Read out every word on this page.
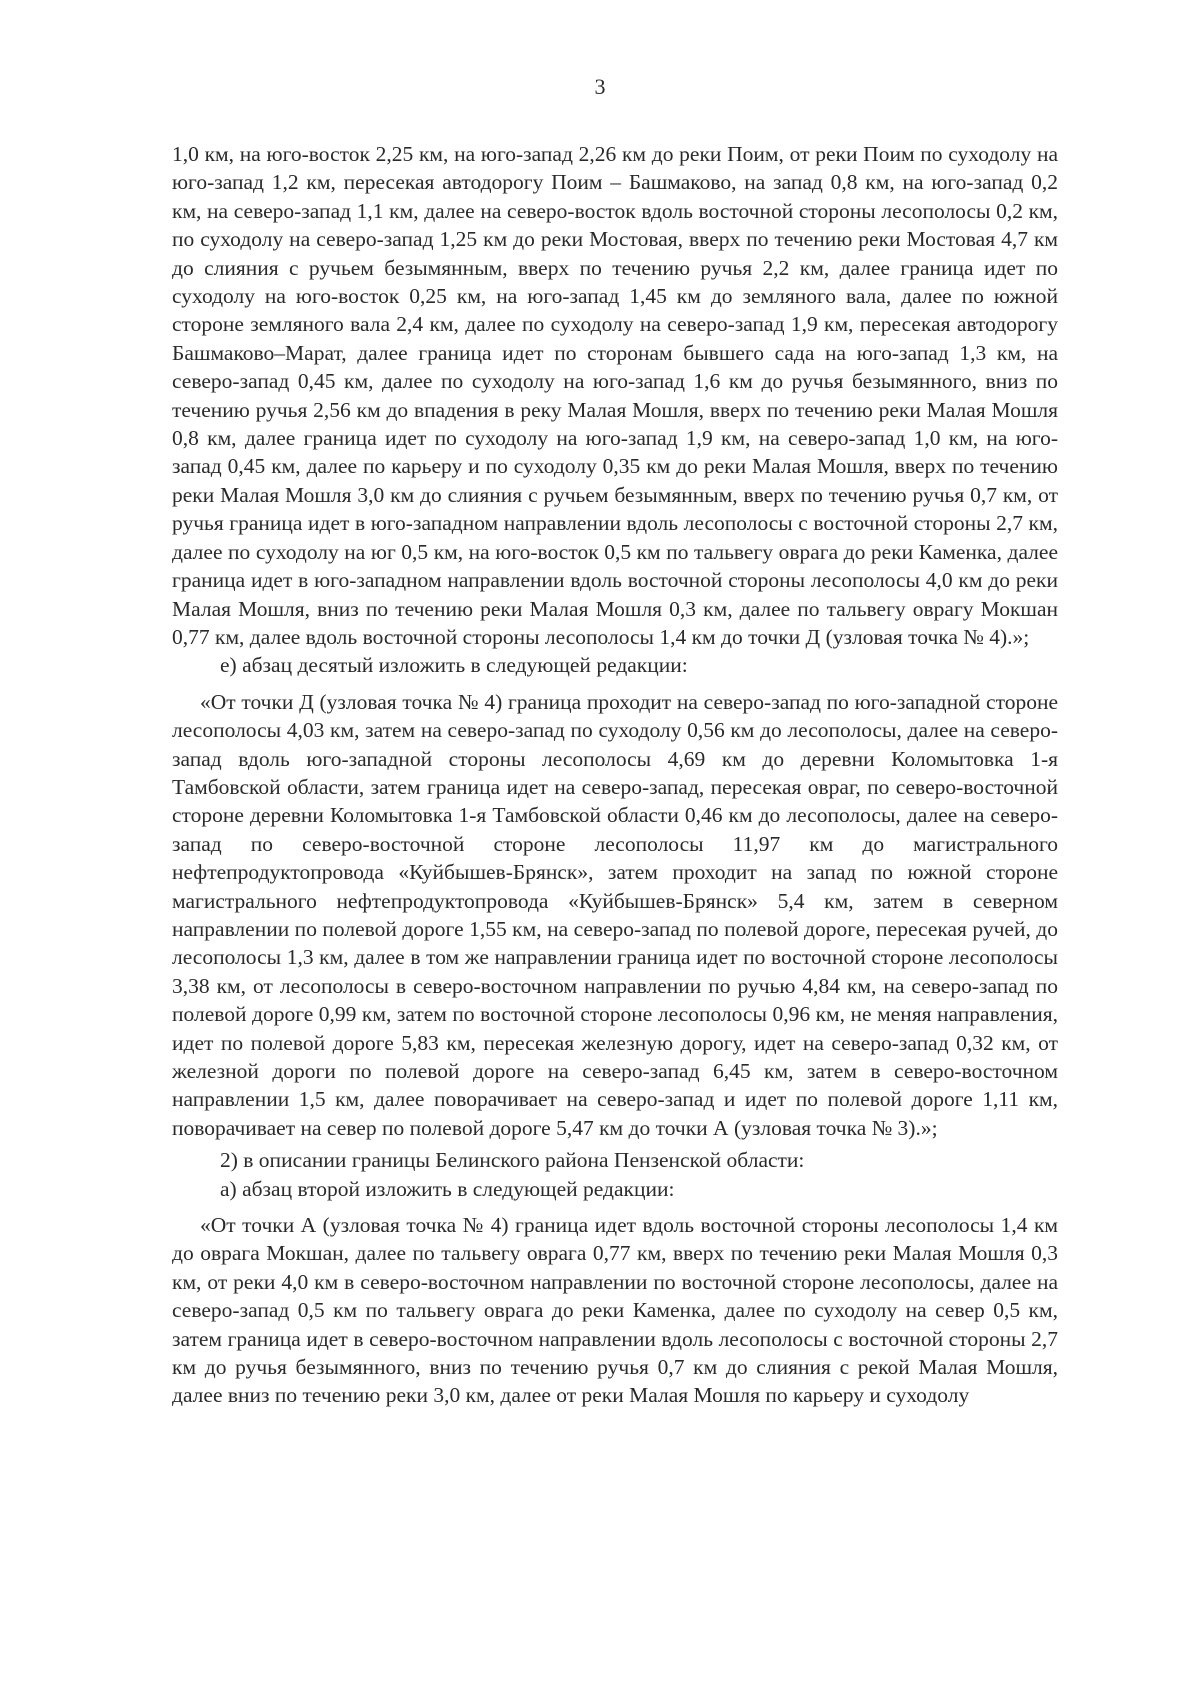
3

1,0 км, на юго-восток 2,25 км, на юго-запад 2,26 км до реки Поим, от реки Поим по суходолу на юго-запад 1,2 км, пересекая автодорогу Поим – Башмаково, на запад 0,8 км, на юго-запад 0,2 км, на северо-запад 1,1 км, далее на северо-восток вдоль восточной стороны лесополосы 0,2 км, по суходолу на северо-запад 1,25 км до реки Мостовая, вверх по течению реки Мостовая 4,7 км до слияния с ручьем безымянным, вверх по течению ручья 2,2 км, далее граница идет по суходолу на юго-восток 0,25 км, на юго-запад 1,45 км до земляного вала, далее по южной стороне земляного вала 2,4 км, далее по суходолу на северо-запад 1,9 км, пересекая автодорогу Башмаково–Марат, далее граница идет по сторонам бывшего сада на юго-запад 1,3 км, на северо-запад 0,45 км, далее по суходолу на юго-запад 1,6 км до ручья безымянного, вниз по течению ручья 2,56 км до впадения в реку Малая Мошля, вверх по течению реки Малая Мошля 0,8 км, далее граница идет по суходолу на юго-запад 1,9 км, на северо-запад 1,0 км, на юго-запад 0,45 км, далее по карьеру и по суходолу 0,35 км до реки Малая Мошля, вверх по течению реки Малая Мошля 3,0 км до слияния с ручьем безымянным, вверх по течению ручья 0,7 км, от ручья граница идет в юго-западном направлении вдоль лесополосы с восточной стороны 2,7 км, далее по суходолу на юг 0,5 км, на юго-восток 0,5 км по тальвегу оврага до реки Каменка, далее граница идет в юго-западном направлении вдоль восточной стороны лесополосы 4,0 км до реки Малая Мошля, вниз по течению реки Малая Мошля 0,3 км, далее по тальвегу оврагу Мокшан 0,77 км, далее вдоль восточной стороны лесополосы 1,4 км до точки Д (узловая точка № 4).»;

е) абзац десятый изложить в следующей редакции:

«От точки Д (узловая точка № 4) граница проходит на северо-запад по юго-западной стороне лесополосы 4,03 км, затем на северо-запад по суходолу 0,56 км до лесополосы, далее на северо-запад вдоль юго-западной стороны лесополосы 4,69 км до деревни Коломытовка 1-я Тамбовской области, затем граница идет на северо-запад, пересекая овраг, по северо-восточной стороне деревни Коломытовка 1-я Тамбовской области 0,46 км до лесополосы, далее на северо-запад по северо-восточной стороне лесополосы 11,97 км до магистрального нефтепродуктопровода «Куйбышев-Брянск», затем проходит на запад по южной стороне магистрального нефтепродуктопровода «Куйбышев-Брянск» 5,4 км, затем в северном направлении по полевой дороге 1,55 км, на северо-запад по полевой дороге, пересекая ручей, до лесополосы 1,3 км, далее в том же направлении граница идет по восточной стороне лесополосы 3,38 км, от лесополосы в северо-восточном направлении по ручью 4,84 км, на северо-запад по полевой дороге 0,99 км, затем по восточной стороне лесополосы 0,96 км, не меняя направления, идет по полевой дороге 5,83 км, пересекая железную дорогу, идет на северо-запад 0,32 км, от железной дороги по полевой дороге на северо-запад 6,45 км, затем в северо-восточном направлении 1,5 км, далее поворачивает на северо-запад и идет по полевой дороге 1,11 км, поворачивает на север по полевой дороге 5,47 км до точки А (узловая точка № 3).»;

2) в описании границы Белинского района Пензенской области:

а) абзац второй изложить в следующей редакции:

«От точки А (узловая точка № 4) граница идет вдоль восточной стороны лесополосы 1,4 км до оврага Мокшан, далее по тальвегу оврага 0,77 км, вверх по течению реки Малая Мошля 0,3 км, от реки 4,0 км в северо-восточном направлении по восточной стороне лесополосы, далее на северо-запад 0,5 км по тальвегу оврага до реки Каменка, далее по суходолу на север 0,5 км, затем граница идет в северо-восточном направлении вдоль лесополосы с восточной стороны 2,7 км до ручья безымянного, вниз по течению ручья 0,7 км до слияния с рекой Малая Мошля, далее вниз по течению реки 3,0 км, далее от реки Малая Мошля по карьеру и суходолу
